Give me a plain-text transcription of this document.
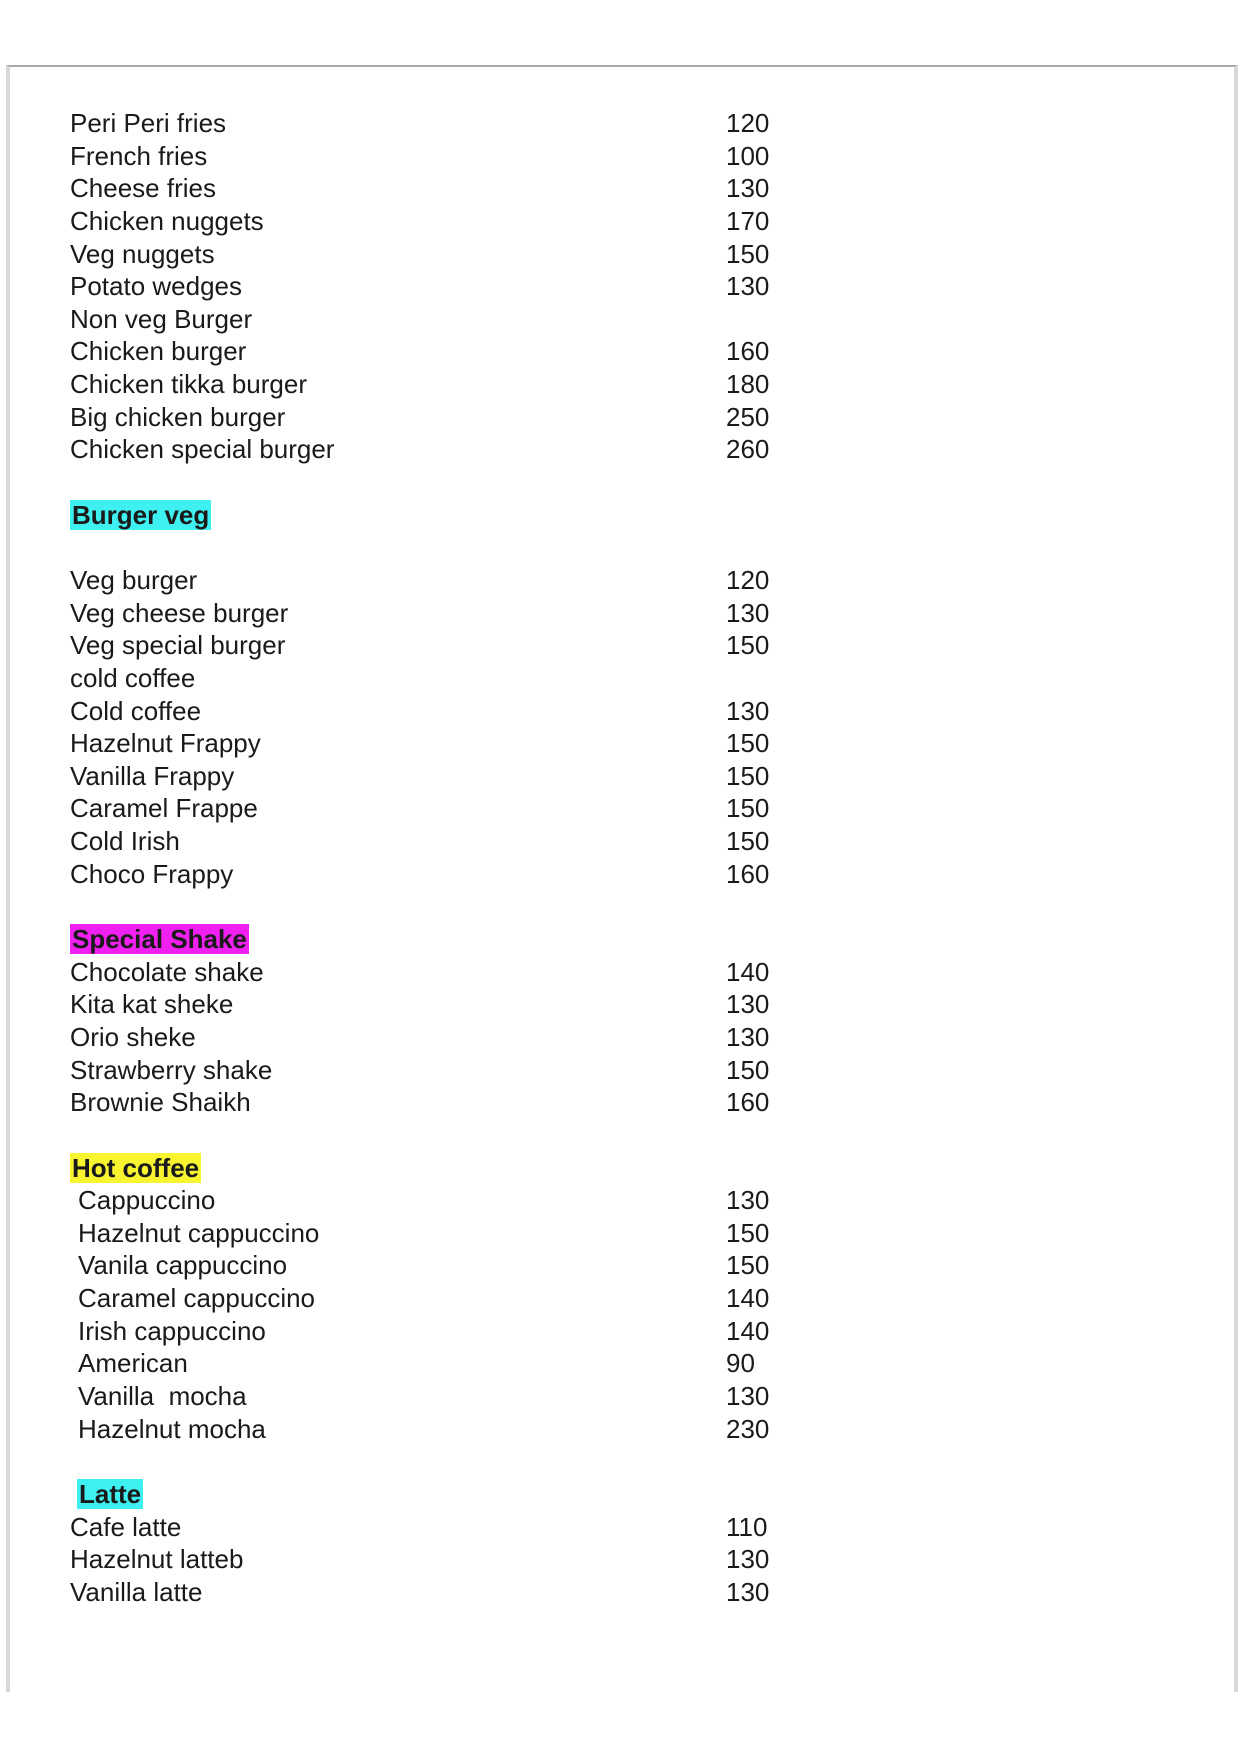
Peri Peri fries	120
French fries	100
Cheese fries	130
Chicken nuggets	170
Veg nuggets	150
Potato wedges	130
Non veg Burger
Chicken burger	160
Chicken tikka burger	180
Big chicken burger	250
Chicken special burger	260
Burger veg
Veg burger	120
Veg cheese burger	130
Veg special burger	150
cold coffee
Cold coffee	130
Hazelnut Frappy	150
Vanilla Frappy	150
Caramel Frappe	150
Cold Irish	150
Choco Frappy	160
Special Shake
Chocolate shake	140
Kita kat sheke	130
Orio sheke	130
Strawberry shake	150
Brownie Shaikh	160
Hot coffee
Cappuccino	130
Hazelnut cappuccino	150
Vanila cappuccino	150
Caramel cappuccino	140
Irish cappuccino	140
American	90
Vanilla  mocha	130
Hazelnut mocha	230
Latte
Cafe latte	110
Hazelnut latteb	130
Vanilla latte	130
